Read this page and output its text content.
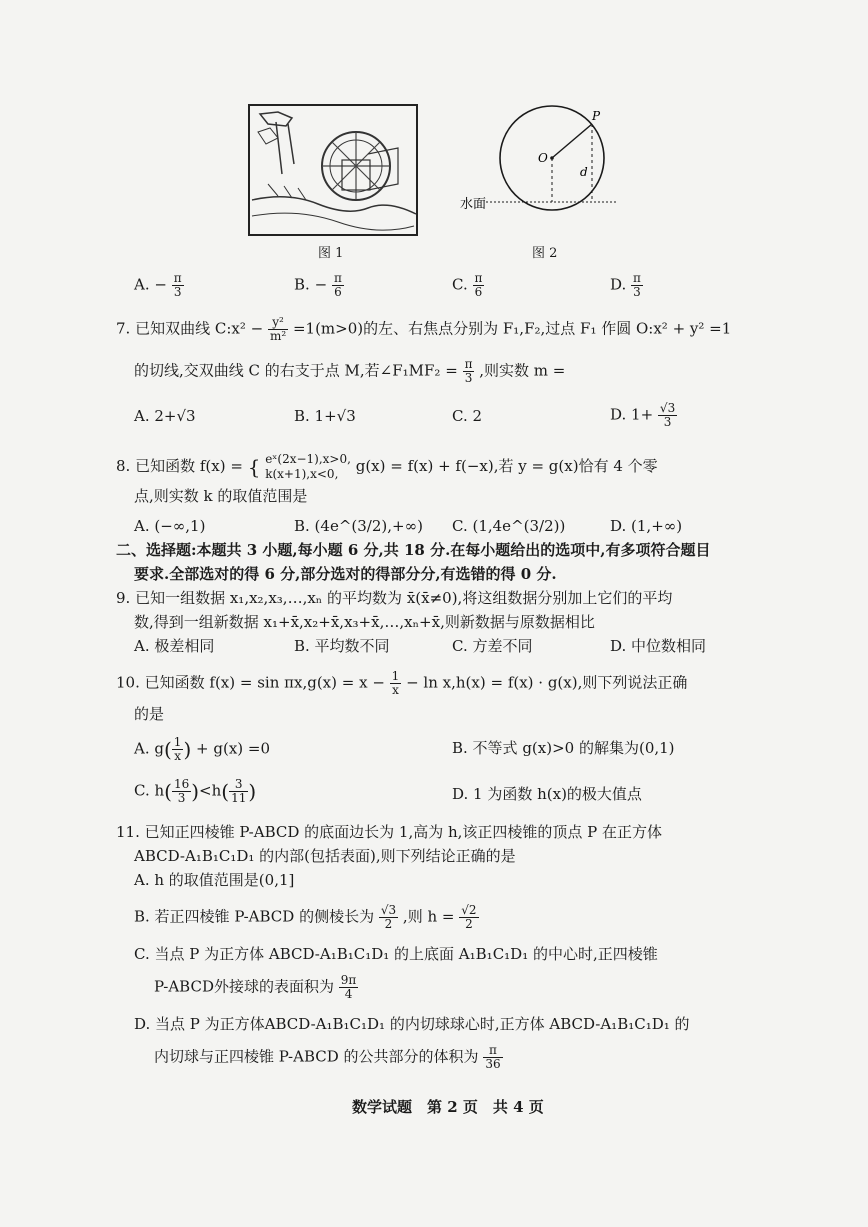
图 1
O
P
d
水面
图 2
A. − $\frac{\pi}{3}$	B. − $\frac{\pi}{6}$	C. $\frac{\pi}{6}$	D. $\frac{\pi}{3}$
7. 已知双曲线 C:x² − $\frac{\text{y²}}{\text{m²}} =1(m>0)$的左、右焦点分别为 F₁,F₂,过点 F₁ 作圆 O:x² + y² =1
的切线,交双曲线 C 的右支于点 M,若∠F₁MF₂ = $\frac{\pi}{3}$ ,则实数 m =
A. 2+√3	B. 1+√3	C. 2	D. $1+ \frac{√3}{3}$
8. 已知函数 f(x) = { eˣ(2x−1),x>0,
k(x+1),x<0,	g(x) = f(x) + f(−x),若 y = g(x)恰有 4 个零
点,则实数 k 的取值范围是
A. (−∞,1)	B. (4e^(3/2),+∞) C. (1,4e^(3/2))	D. (1,+∞)
二、选择题:本题共 3 小题,每小题 6 分,共 18 分.在每小题给出的选项中,有多项符合题目
要求.全部选对的得 6 分,部分选对的得部分分,有选错的得 0 分.
9. 已知一组数据 x₁,x₂,x₃,…,xₙ 的平均数为 x̄(x̄≠0),将这组数据分别加上它们的平均
数,得到一组新数据 x₁+x̄,x₂+x̄,x₃+x̄,…,xₙ+x̄,则新数据与原数据相比
A. 极差相同	B. 平均数不同	C. 方差不同	D. 中位数相同
10. 已知函数 $f(x) = \sin \pi x,g(x) = x - \frac{1}{x} - \ln x,h(x) = f(x) \cdot g(x)$,则下列说法正确
的是
A. $g( \frac{1}{x}$ ) + g(x) =0	B. 不等式 g(x)>0 的解集为(0,1)
C. $h( \frac{16}{3} )<h( \frac{3}{11}$ )	D. 1 为函数 h(x)的极大值点
11. 已知正四棱锥 P-ABCD 的底面边长为 1,高为 h,该正四棱锥的顶点 P 在正方体
ABCD-A₁B₁C₁D₁ 的内部(包括表面),则下列结论正确的是
A. h 的取值范围是(0,1]
B. 若正四棱锥 P-ABCD 的侧棱长为 $\frac{√3}{2}$ ,则 $h = \frac{√2}{2}$
C. 当点 P 为正方体 ABCD-A₁B₁C₁D₁ 的上底面 A₁B₁C₁D₁ 的中心时,正四棱锥
P-ABCD外接球的表面积为 $\frac{9\pi}{4}$
D. 当点 P 为正方体ABCD-A₁B₁C₁D₁ 的内切球球心时,正方体 ABCD-A₁B₁C₁D₁ 的
内切球与正四棱锥 P-ABCD 的公共部分的体积为 $\frac{\pi}{36}$
数学试题　第 2 页　共 4 页
